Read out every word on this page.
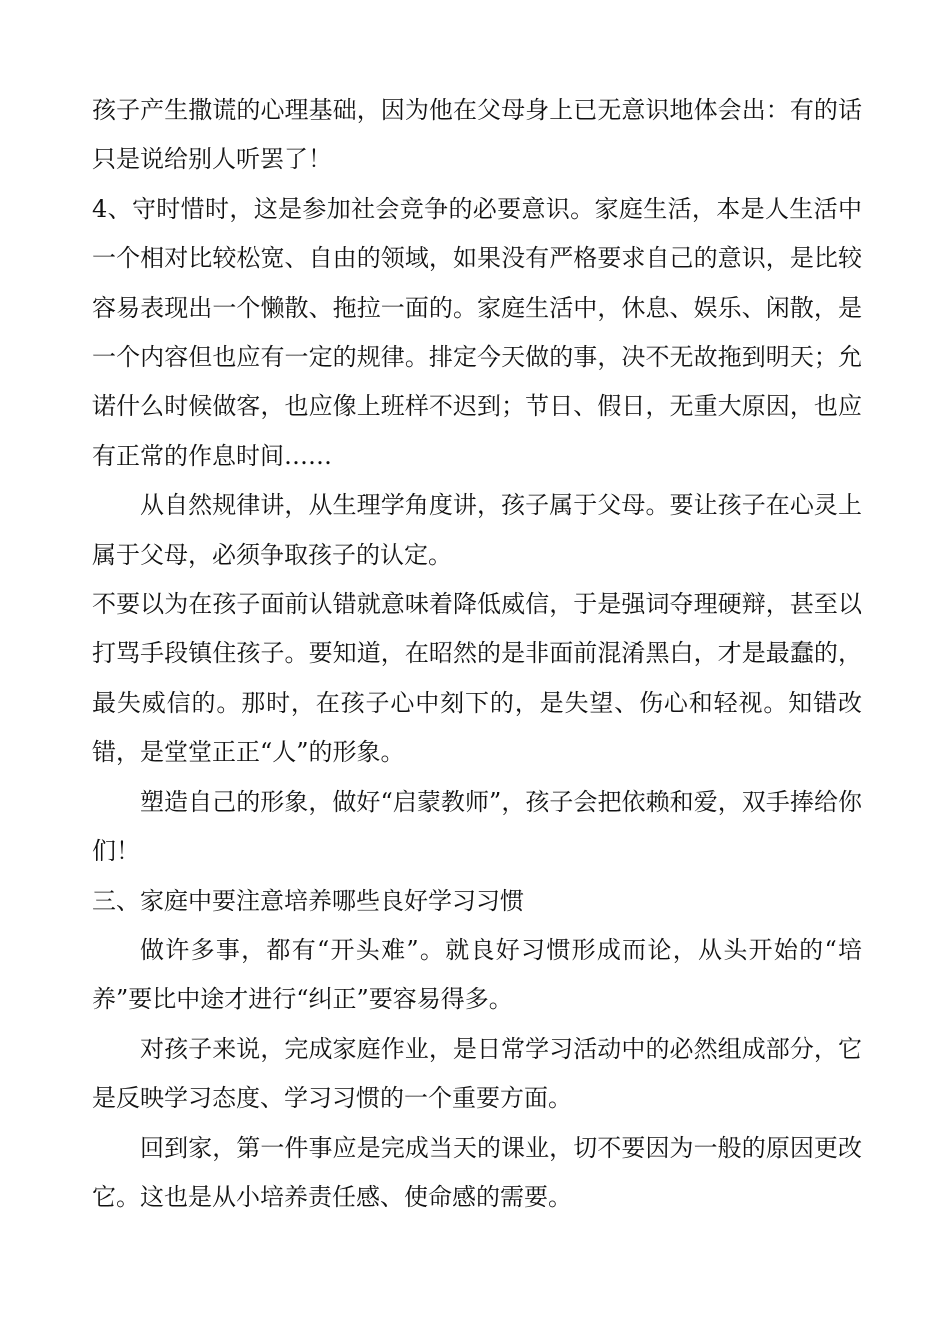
孩子产生撒谎的心理基础，因为他在父母身上已无意识地体会出：有的话只是说给别人听罢了！

4、守时惜时，这是参加社会竞争的必要意识。家庭生活，本是人生活中一个相对比较松宽、自由的领域，如果没有严格要求自己的意识，是比较容易表现出一个懒散、拖拉一面的。家庭生活中，休息、娱乐、闲散，是一个内容但也应有一定的规律。排定今天做的事，决不无故拖到明天；允诺什么时候做客，也应像上班样不迟到；节日、假日，无重大原因，也应有正常的作息时间……

从自然规律讲，从生理学角度讲，孩子属于父母。要让孩子在心灵上属于父母，必须争取孩子的认定。

不要以为在孩子面前认错就意味着降低威信，于是强词夺理硬辩，甚至以打骂手段镇住孩子。要知道，在昭然的是非面前混淆黑白，才是最蠢的，最失威信的。那时，在孩子心中刻下的，是失望、伤心和轻视。知错改错，是堂堂正正“人”的形象。

塑造自己的形象，做好“启蒙教师”，孩子会把依赖和爱，双手捧给你们！

三、家庭中要注意培养哪些良好学习习惯

做许多事，都有“开头难”。就良好习惯形成而论，从头开始的“培养”要比中途才进行“纠正”要容易得多。

对孩子来说，完成家庭作业，是日常学习活动中的必然组成部分，它是反映学习态度、学习习惯的一个重要方面。

回到家，第一件事应是完成当天的课业，切不要因为一般的原因更改它。这也是从小培养责任感、使命感的需要。
